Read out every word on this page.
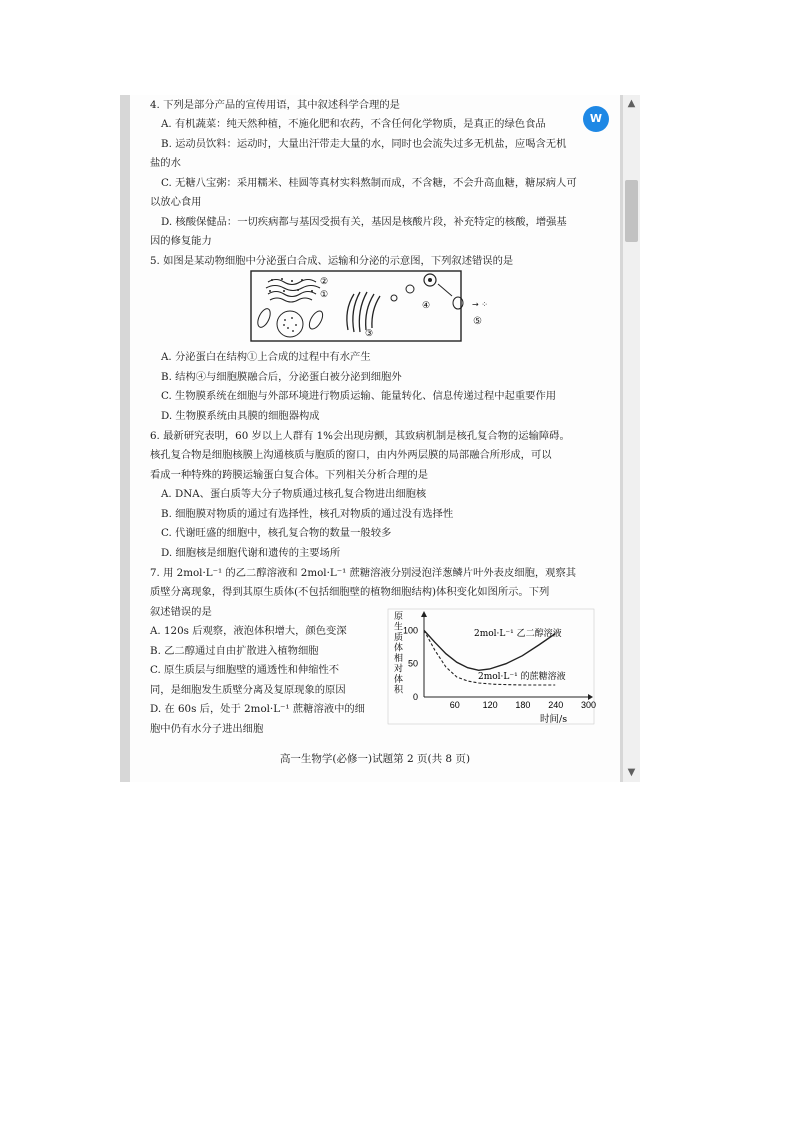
4. 下列是部分产品的宣传用语，其中叙述科学合理的是
A. 有机蔬菜：纯天然种植，不施化肥和农药，不含任何化学物质，是真正的绿色食品
B. 运动员饮料：运动时，大量出汗带走大量的水，同时也会流失过多无机盐，应喝含无机
盐的水
C. 无糖八宝粥：采用糯米、桂圆等真材实料熬制而成，不含糖，不会升高血糖，糖尿病人可
以放心食用
D. 核酸保健品：一切疾病都与基因受损有关，基因是核酸片段，补充特定的核酸，增强基
因的修复能力
5. 如图是某动物细胞中分泌蛋白合成、运输和分泌的示意图，下列叙述错误的是
A. 分泌蛋白在结构①上合成的过程中有水产生
B. 结构④与细胞膜融合后，分泌蛋白被分泌到细胞外
C. 生物膜系统在细胞与外部环境进行物质运输、能量转化、信息传递过程中起重要作用
D. 生物膜系统由具膜的细胞器构成
6. 最新研究表明，60 岁以上人群有 1%会出现房颤，其致病机制是核孔复合物的运输障碍。
核孔复合物是细胞核膜上沟通核质与胞质的窗口，由内外两层膜的局部融合所形成，可以
看成一种特殊的跨膜运输蛋白复合体。下列相关分析合理的是
A. DNA、蛋白质等大分子物质通过核孔复合物进出细胞核
B. 细胞膜对物质的通过有选择性，核孔对物质的通过没有选择性
C. 代谢旺盛的细胞中，核孔复合物的数量一般较多
D. 细胞核是细胞代谢和遗传的主要场所
7. 用 2mol·L⁻¹ 的乙二醇溶液和 2mol·L⁻¹ 蔗糖溶液分别浸泡洋葱鳞片叶外表皮细胞，观察其
质壁分离现象，得到其原生质体(不包括细胞壁的植物细胞结构)体积变化如图所示。下列
叙述错误的是
A. 120s 后观察，液泡体积增大，颜色变深
B. 乙二醇通过自由扩散进入植物细胞
C. 原生质层与细胞壁的通透性和伸缩性不
同，是细胞发生质壁分离及复原现象的原因
D. 在 60s 后，处于 2mol·L⁻¹ 蔗糖溶液中的细
胞中仍有水分子进出细胞
高一生物学(必修一)试题第 2 页(共 8 页)
③
④
②
①
→ ⁘
⑤
原
生
质
体
相
对
体
积
60	120 180 240 300
0
50
100
时间/s
2mol·L⁻¹ 乙二醇溶液
2mol·L⁻¹ 的蔗糖溶液
W
▲
▼
